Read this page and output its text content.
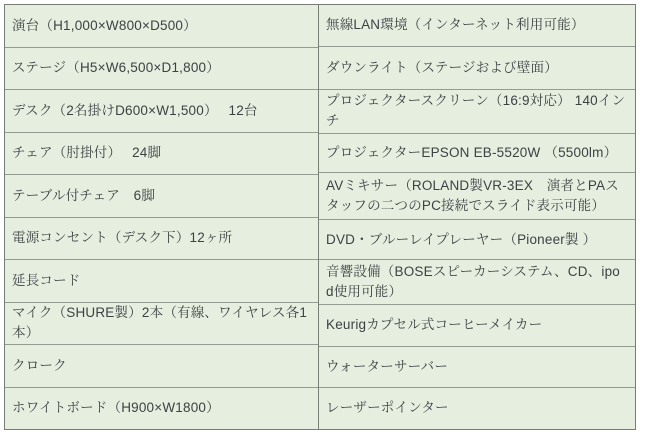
演台（H1,000×W800×D500）
ステージ（H5×W6,500×D1,800）
デスク（2名掛けD600×W1,500）　 12台
チェア（肘掛付）　 24脚
テーブル付チェア　6脚
電源コンセント（デスク下）12ヶ所
延長コード
マイク（SHURE製）2本（有線、ワイヤレス各1本）
クローク
ホワイトボード（H900×W1800）
無線LAN環境（インターネット利用可能）
ダウンライト（ステージおよび壁面）
プロジェクタースクリーン（16:9対応） 140インチ
プロジェクターEPSON EB-5520W （5500lm）
AVミキサー（ROLAND製VR-3EX　演者とPAスタッフの二つのPC接続でスライド表示可能）
DVD・ブルーレイプレーヤー（Pioneer製 ）
音響設備（BOSEスピーカーシステム、CD、ipod使用可能）
Keurigカプセル式コーヒーメイカー
ウォーターサーバー
レーザーポインター
